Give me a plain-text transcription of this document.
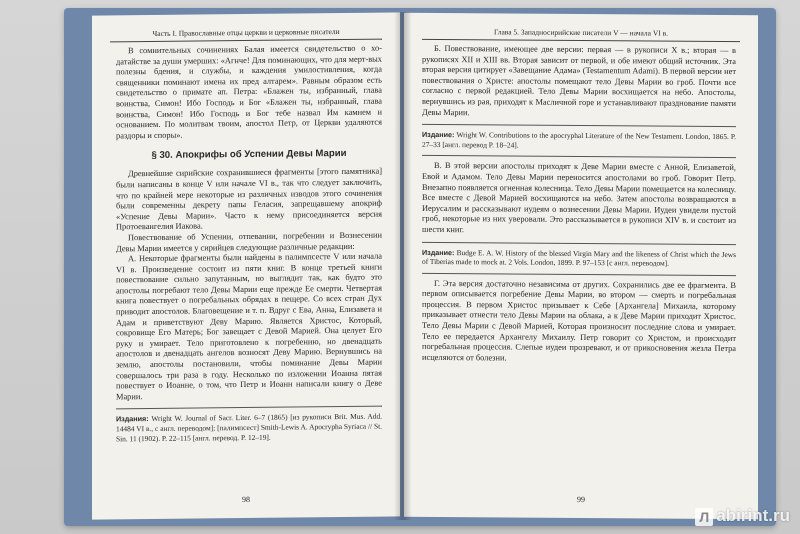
Часть I. Православные отцы церкви и церковные писатели

В сомнительных сочинениях Балая имеется свидетельство о хо-датайстве за души умерших: «Агнче! Для поминающих, что для мерт-вых полезны бдения, и службы, и каждения умилостивления, когда священники поминают имена их пред алтарем». Равным образом есть свидетельство о примате ап. Петра: «Блажен ты, избранный, глава воинства, Симон! Ибо Господь и Бог «Блажен ты, избранный, глава воинства, Симон! Ибо Господь и Бог тебе назвал Им камнем и основанием. По молитвам твоим, апостол Петр, от Церкви удаляются раздоры и споры».

§ 30. Апокрифы об Успении Девы Марии

Древнейшие сирийские сохранившиеся фрагменты [этого памятника] были написаны в конце V или начале VI в., так что следует заключить, что по крайней мере некоторые из различных изводов этого сочинения были современны декрету папы Геласия, запрещавшему апокриф «Успение Девы Марии». Часто к нему присоединяется версия Протоевангелия Иакова.

Повествование об Успении, отпевании, погребении и Вознесении Девы Марии имеется у сирийцев следующие различные редакции:

А. Некоторые фрагменты были найдены в палимпсесте V или начала VI в. Произведение состоит из пяти книг. В конце третьей книги повествование сильно запутанным, но выглядит так, как будто это апостолы погребают тело Девы Марии еще прежде Ее смерти. Четвертая книга повествует о погребальных обрядах в пещере. Со всех стран Дух приводит апостолов. Благовещение и т. п. Вдруг с Ева, Анна, Елизавета и Адам и приветствуют Деву Марию. Является Христос, Который, сокровище Его Матерь; Бог завещает с Девой Марией. Она целует Его руку и умирает. Тело приготовлено к погребению, но двенадцать апостолов и двенадцать ангелов возносят Деву Марию. Вернувшись на землю, апостолы постановили, чтобы поминание Девы Марии совершалось три раза в году. Несколько по изложении Иоанна пятая повествует о Иоанне, о том, что Петр и Иоанн написали книгу о Деве Марии.

Издания: Wright W. Journal of Sacr. Liter. 6–7 (1865) [из рукописи Brit. Mus. Add. 14484 VI в., с англ. переводом]; [палимпсест] Smith-Lewis A. Apocrypha Syriaca // St. Sin. 11 (1902). P. 22–115 [англ. перевод. P. 12–19].

98
Глава 5. Западносирийские писатели V — начала VI в.

Б. Повествование, имеющее две версии: первая — в рукописи X в.; вторая — в рукописях XII и XIII вв. Вторая зависит от первой, и обе имеют общий источник. Эта вторая версия цитирует «Завещание Адама» (Testamentum Adami). В первой версии нет повествования о Христе: апостолы помещают тело Девы Марии во гроб. Почти все согласно с первой редакцией. Тело Девы Марии восхищается на небо. Апостолы, вернувшись из рая, приходят к Масличной горе и устанавливают празднование памяти Девы Марии.

Издание: Wright W. Contributions to the apocryphal Literature of the New Testament. London, 1865. P. 27–33 [англ. перевод P. 18–24].

В. В этой версии апостолы приходят к Деве Марии вместе с Анной, Елизаветой, Евой и Адамом. Тело Девы Марии переносится апостолами во гроб. Говорит Петр. Внезапно появляется огненная колесница. Тело Девы Марии помещается на колесницу. Все вместе с Девой Марией восхищаются на небо. Затем апостолы возвращаются в Иерусалим и рассказывают иудеям о вознесении Девы Марии. Иудеи увидели пустой гроб, некоторые из них уверовали. Это рассказывается в рукописи XIV в. и состоит из шести книг.

Издание: Budge E. A. W. History of the blessed Virgin Mary and the likeness of Christ which the Jews of Tiberias made to mock at. 2 Vols. London, 1899. P. 97–153 [с англ. переводом].

Г. Эта версия достаточно независима от других. Сохранились две ее фрагмента. В первом описывается погребение Девы Марии, во втором — смерть и погребальная процессия. В первом Христос призывает к Себе [Архангела] Михаила, которому приказывает отнести тело Девы Марии на облака, а к Деве Марии приходит Христос. Тело Девы Марии с Девой Марией, Которая произносит последние слова и умирает. Тело ее передается Архангелу Михаилу. Петр говорит со Христом, и происходит погребальная процессия. Слепые иудеи прозревают, и от прикосновения жезла Петра исцеляются от болезни.

99
Л abirint.ru
